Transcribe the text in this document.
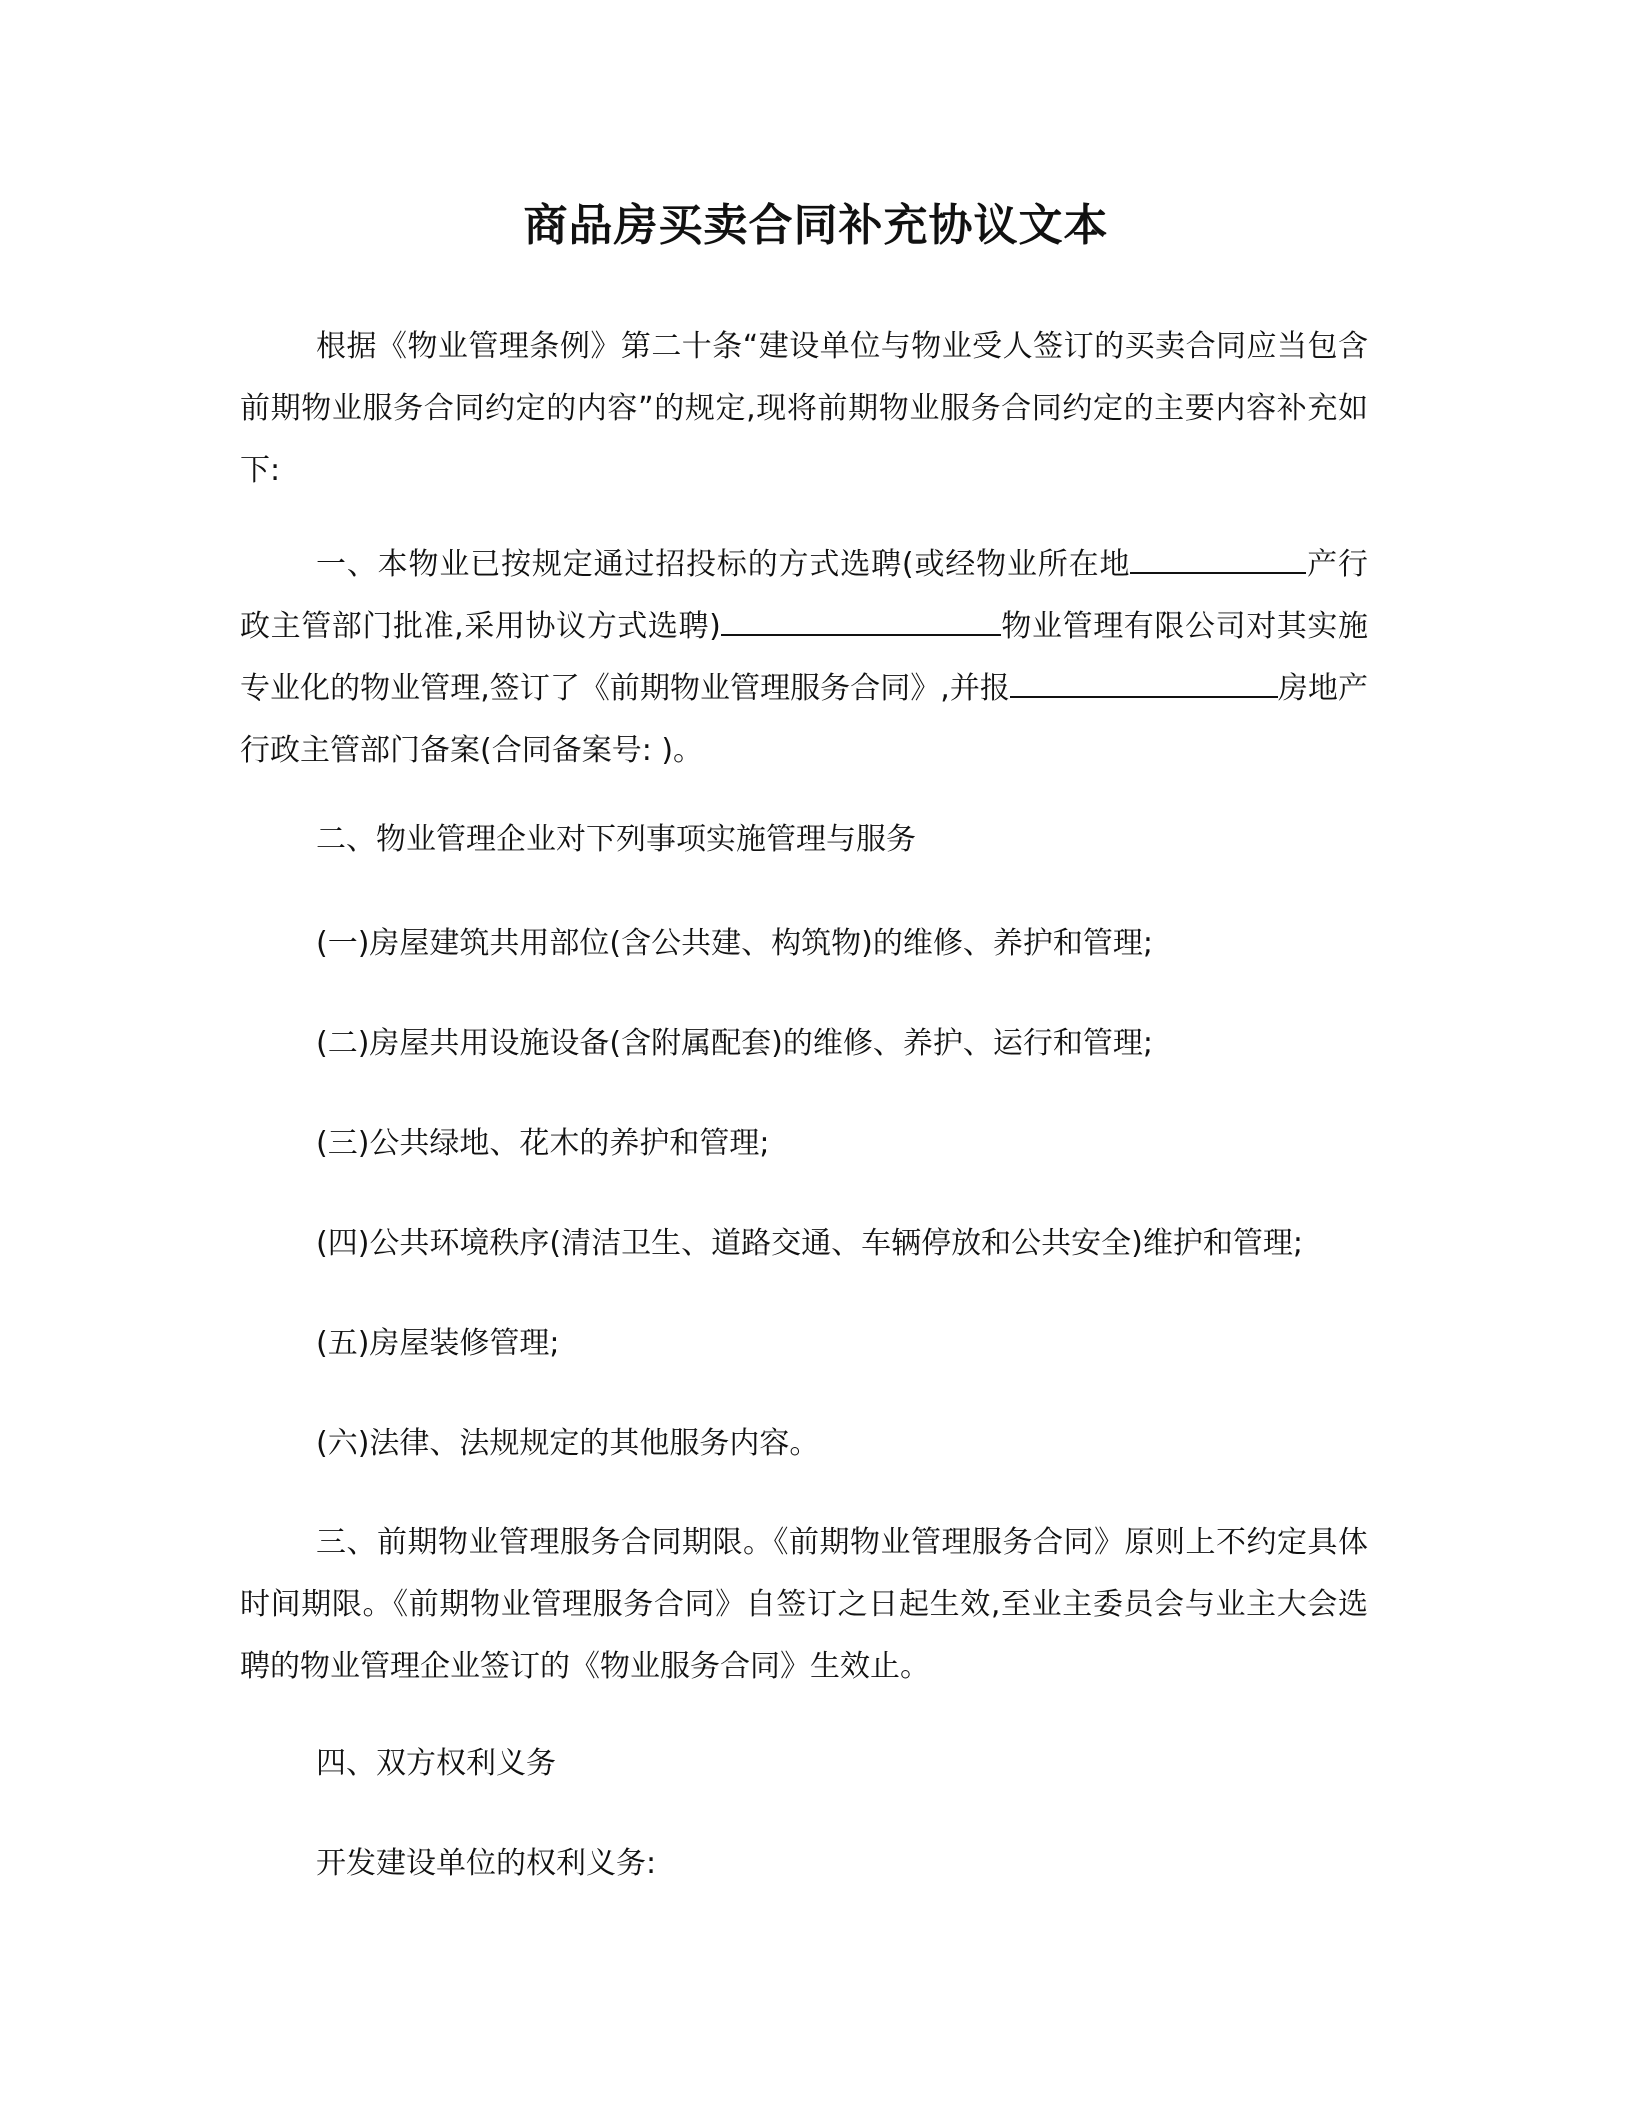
商品房买卖合同补充协议文本

根据《物业管理条例》第二十条“建设单位与物业受人签订的买卖合同应当包含前期物业服务合同约定的内容”的规定,现将前期物业服务合同约定的主要内容补充如下:

一、本物业已按规定通过招投标的方式选聘(或经物业所在地	产行政主管部门批准,采用协议方式选聘)	物业管理有限公司对其实施专业化的物业管理,签订了《前期物业管理服务合同》,并报	房地产行政主管部门备案(合同备案号: )。

二、物业管理企业对下列事项实施管理与服务

(一)房屋建筑共用部位(含公共建、构筑物)的维修、养护和管理;

(二)房屋共用设施设备(含附属配套)的维修、养护、运行和管理;

(三)公共绿地、花木的养护和管理;

(四)公共环境秩序(清洁卫生、道路交通、车辆停放和公共安全)维护和管理;

(五)房屋装修管理;

(六)法律、法规规定的其他服务内容。

三、前期物业管理服务合同期限。《前期物业管理服务合同》原则上不约定具体时间期限。《前期物业管理服务合同》自签订之日起生效,至业主委员会与业主大会选聘的物业管理企业签订的《物业服务合同》生效止。

四、双方权利义务

开发建设单位的权利义务:
